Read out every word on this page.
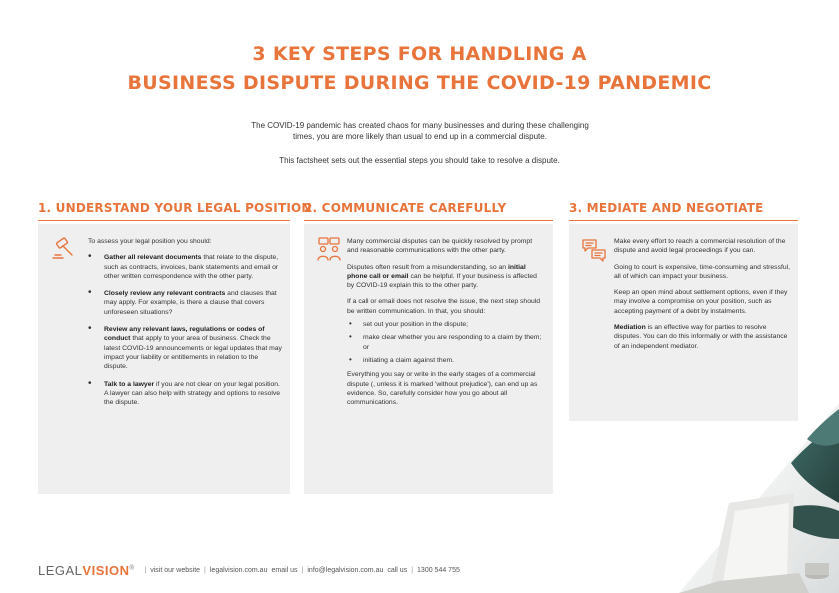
3 KEY STEPS FOR HANDLING A
BUSINESS DISPUTE DURING THE COVID-19 PANDEMIC
The COVID-19 pandemic has created chaos for many businesses and during these challenging times, you are more likely than usual to end up in a commercial dispute.
This factsheet sets out the essential steps you should take to resolve a dispute.
1. UNDERSTAND YOUR LEGAL POSITION
2. COMMUNICATE CAREFULLY	3. MEDIATE AND NEGOTIATE

To assess your legal position you should:

• Gather all relevant documents that relate to the dispute, such as contracts, invoices, bank statements and email or other written correspondence with the other party.
• Closely review any relevant contracts and clauses that may apply. For example, is there a clause that covers unforeseen situations?
• Review any relevant laws, regulations or codes of conduct that apply to your area of business. Check the latest COVID-19 announcements or legal updates that may impact your liability or entitlements in relation to the dispute.
• Talk to a lawyer if you are not clear on your legal position. A lawyer can also help with strategy and options to resolve the dispute.

Many commercial disputes can be quickly resolved by prompt and reasonable communications with the other party.

Disputes often result from a misunderstanding, so an initial phone call or email can be helpful. If your business is affected by COVID-19 explain this to the other party.

If a call or email does not resolve the issue, the next step should be written communication. In that, you should:

• set out your position in the dispute;
• make clear whether you are responding to a claim by them; or
• initiating a claim against them.

Everything you say or write in the early stages of a commercial dispute (, unless it is marked 'without prejudice'), can end up as evidence. So, carefully consider how you go about all communications.

Make every effort to reach a commercial resolution of the dispute and avoid legal proceedings if you can.

Going to court is expensive, time-consuming and stressful, all of which can impact your business.

Keep an open mind about settlement options, even if they may involve a compromise on your position, such as accepting payment of a debt by instalments.

Mediation is an effective way for parties to resolve disputes. You can do this informally or with the assistance of an independent mediator.

LEGALVISION® | visit our website | legalvision.com.au email us | info@legalvision.com.au call us | 1300 544 755
